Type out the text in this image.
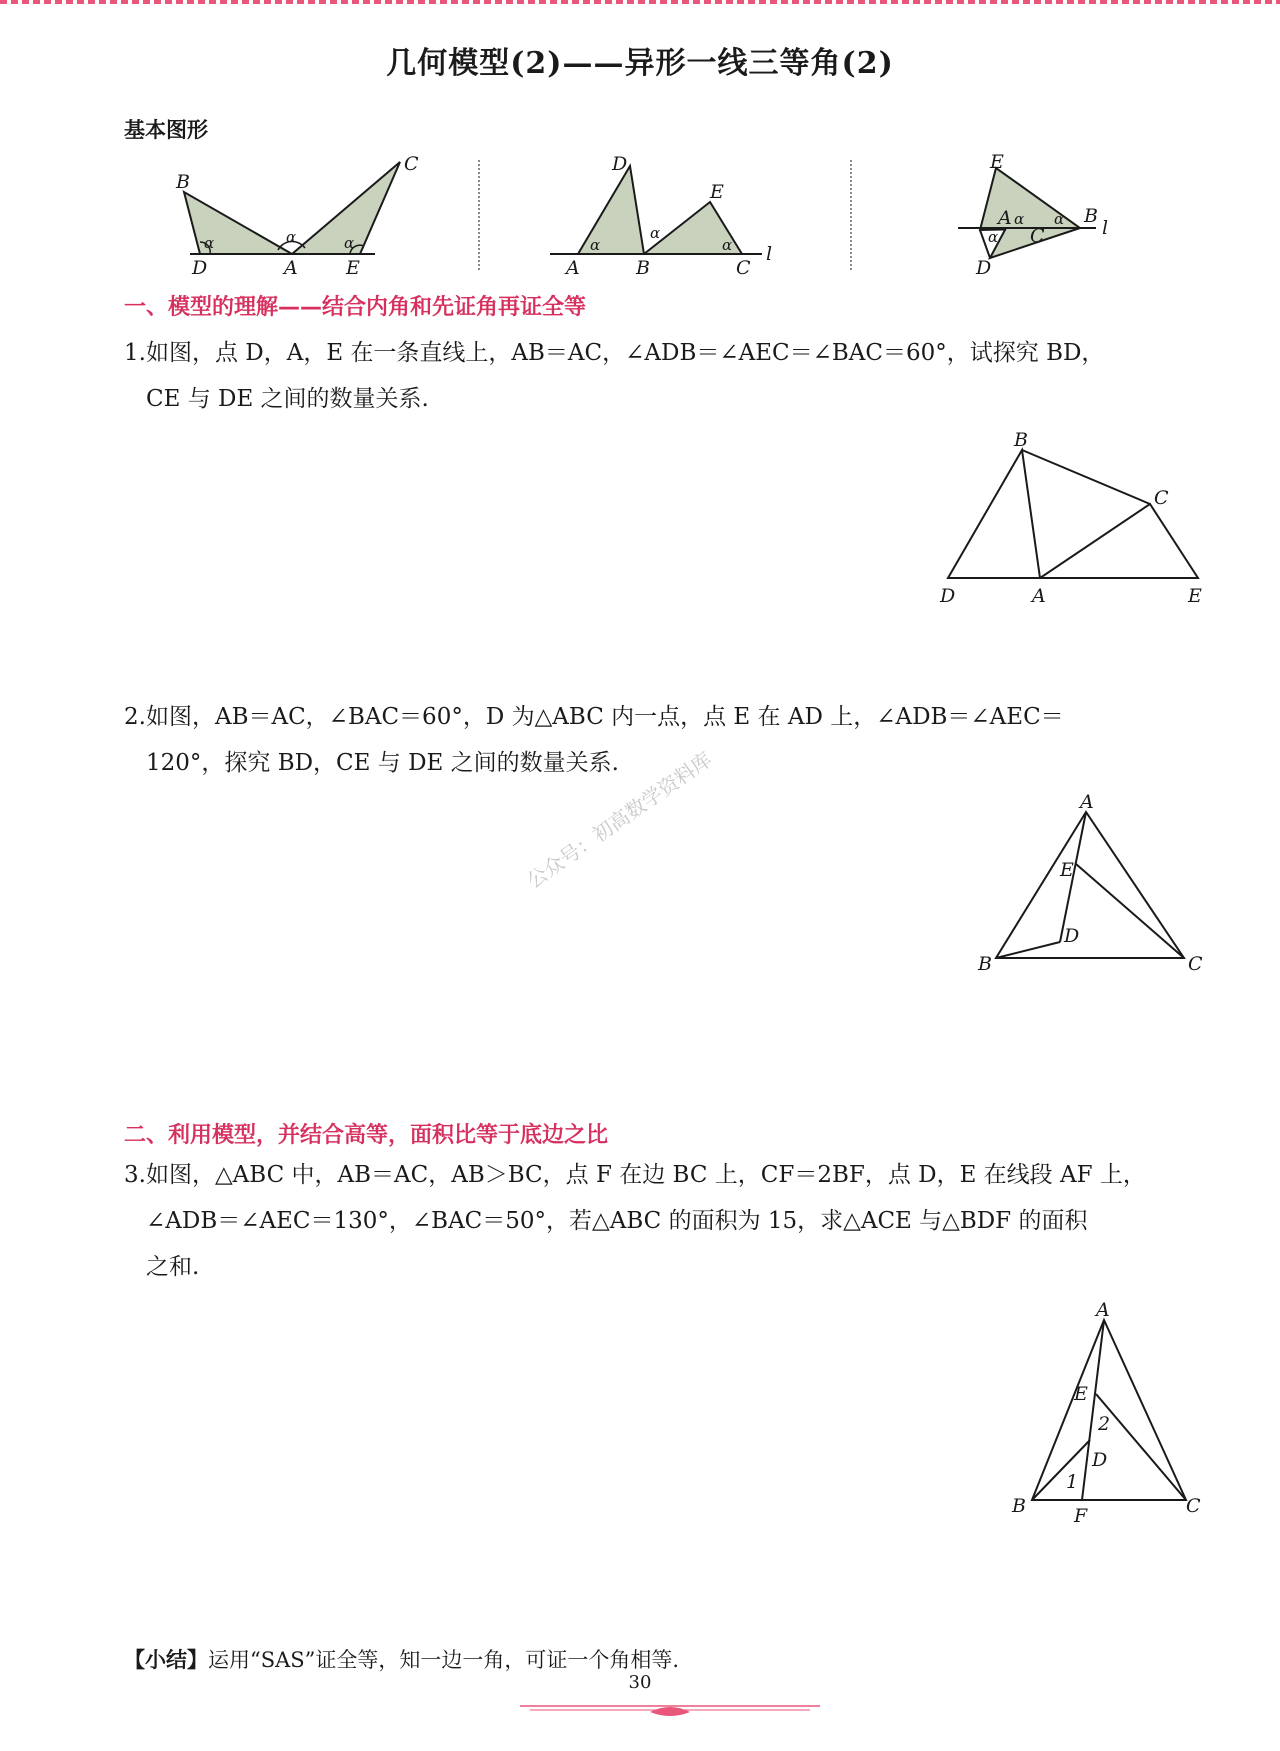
几何模型(2)——异形一线三等角(2)
基本图形
B
C
D	A	E
α
α	α
D
E
A	B	C
l
α
α
α
E
A	B
C
D
l
α α
α
一、模型的理解——结合内角和先证角再证全等
1.如图，点 D，A，E 在一条直线上，AB＝AC，∠ADB＝∠AEC＝∠BAC＝60°，试探究 BD，
CE 与 DE 之间的数量关系.
B
C
D	A	E
2.如图，AB＝AC，∠BAC＝60°，D 为△ABC 内一点，点 E 在 AD 上，∠ADB＝∠AEC＝
120°，探究 BD，CE 与 DE 之间的数量关系.
公众号：初高数学资料库	A
E
D
B	C
二、利用模型，并结合高等，面积比等于底边之比
3.如图，△ABC 中，AB＝AC，AB＞BC，点 F 在边 BC 上，CF＝2BF，点 D，E 在线段 AF 上，
∠ADB＝∠AEC＝130°，∠BAC＝50°，若△ABC 的面积为 15，求△ACE 与△BDF 的面积
之和.
A
E
2
D
1
B	F	C
【小结】运用“SAS”证全等，知一边一角，可证一个角相等.
30
